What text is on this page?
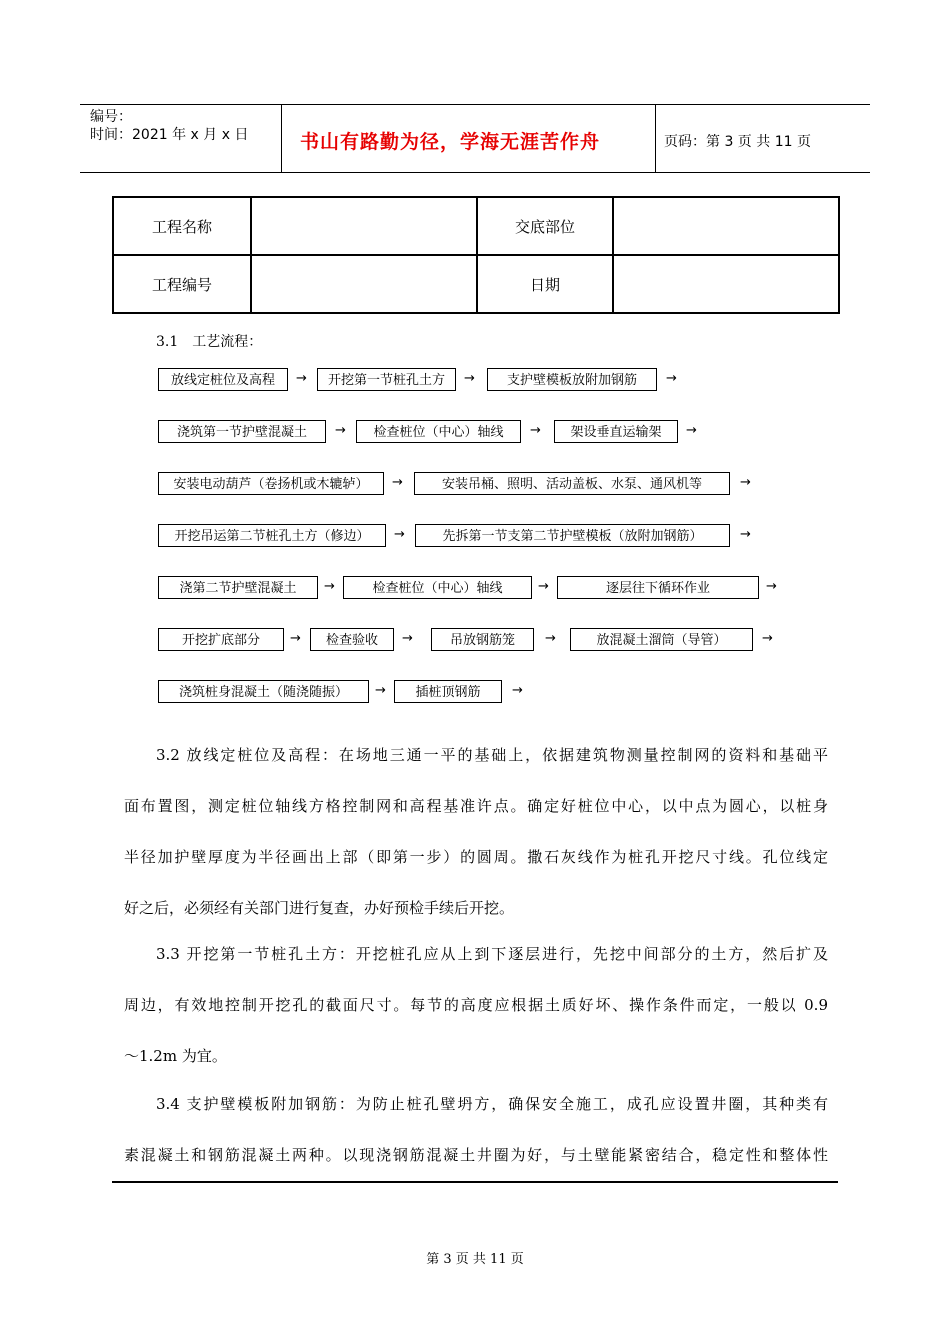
编号：
时间：2021 年 x 月 x 日	书山有路勤为径，学海无涯苦作舟	页码：第 3 页 共 11 页
工程名称		交底部位	
工程编号		日期	
3.1　工艺流程：
放线定桩位及高程	→	开挖第一节桩孔土方	→	支护壁模板放附加钢筋	→
浇筑第一节护壁混凝土	→	检查桩位（中心）轴线	→	架设垂直运输架	→
安装电动葫芦（卷扬机或木辘轳）	→	安装吊桶、照明、活动盖板、水泵、通风机等	→
开挖吊运第二节桩孔土方（修边）	→	先拆第一节支第二节护壁模板（放附加钢筋）	→
浇第二节护壁混凝土	→	检查桩位（中心）轴线	→	逐层往下循环作业	→
开挖扩底部分	→	检查验收	→	吊放钢筋笼	→	放混凝土溜筒（导管）	→
浇筑桩身混凝土（随浇随振）	→	插桩顶钢筋	→

3.2 放线定桩位及高程：在场地三通一平的基础上，依据建筑物测量控制网的资料和基础平

面布置图，测定桩位轴线方格控制网和高程基准许点。确定好桩位中心，以中点为圆心，以桩身

半径加护壁厚度为半径画出上部（即第一步）的圆周。撒石灰线作为桩孔开挖尺寸线。孔位线定

好之后，必须经有关部门进行复查，办好预检手续后开挖。

3.3 开挖第一节桩孔土方：开挖桩孔应从上到下逐层进行，先挖中间部分的土方，然后扩及

周边，有效地控制开挖孔的截面尺寸。每节的高度应根据土质好坏、操作条件而定，一般以 0.9

～1.2m 为宜。

3.4 支护壁模板附加钢筋：为防止桩孔壁坍方，确保安全施工，成孔应设置井圈，其种类有

素混凝土和钢筋混凝土两种。以现浇钢筋混凝土井圈为好，与土壁能紧密结合，稳定性和整体性

第 3 页 共 11 页
